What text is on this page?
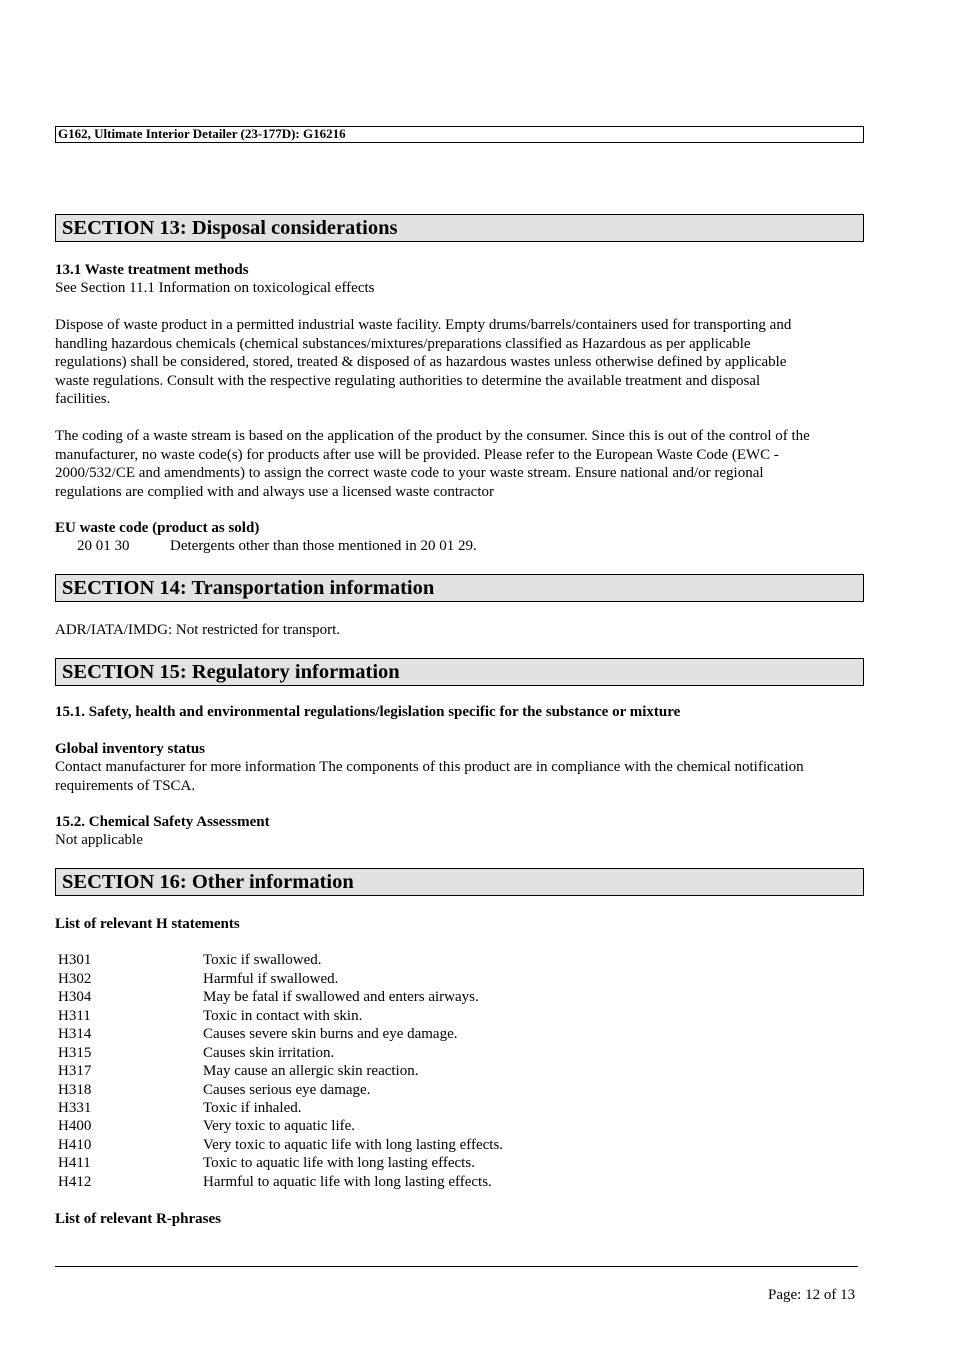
G162, Ultimate Interior Detailer (23-177D): G16216
SECTION 13: Disposal considerations
13.1 Waste treatment methods
See Section 11.1 Information on toxicological effects
Dispose of waste product in a permitted industrial waste facility. Empty drums/barrels/containers used for transporting and
handling hazardous chemicals (chemical substances/mixtures/preparations classified as Hazardous as per applicable
regulations) shall be considered, stored, treated & disposed of as hazardous wastes unless otherwise defined by applicable
waste regulations. Consult with the respective regulating authorities to determine the available treatment and disposal
facilities.
The coding of a waste stream is based on the application of the product by the consumer. Since this is out of the control of the
manufacturer, no waste code(s) for products after use will be provided. Please refer to the European Waste Code (EWC -
2000/532/CE and amendments) to assign the correct waste code to your waste stream. Ensure national and/or regional
regulations are complied with and always use a licensed waste contractor
EU waste code (product as sold)
20 01 30	Detergents other than those mentioned in 20 01 29.
SECTION 14: Transportation information
ADR/IATA/IMDG: Not restricted for transport.
SECTION 15: Regulatory information
15.1. Safety, health and environmental regulations/legislation specific for the substance or mixture
Global inventory status
Contact manufacturer for more information The components of this product are in compliance with the chemical notification
requirements of TSCA.
15.2. Chemical Safety Assessment
Not applicable
SECTION 16: Other information
List of relevant H statements
H301	Toxic if swallowed.
H302	Harmful if swallowed.
H304	May be fatal if swallowed and enters airways.
H311	Toxic in contact with skin.
H314	Causes severe skin burns and eye damage.
H315	Causes skin irritation.
H317	May cause an allergic skin reaction.
H318	Causes serious eye damage.
H331	Toxic if inhaled.
H400	Very toxic to aquatic life.
H410	Very toxic to aquatic life with long lasting effects.
H411	Toxic to aquatic life with long lasting effects.
H412	Harmful to aquatic life with long lasting effects.
List of relevant R-phrases
Page: 12 of 13
